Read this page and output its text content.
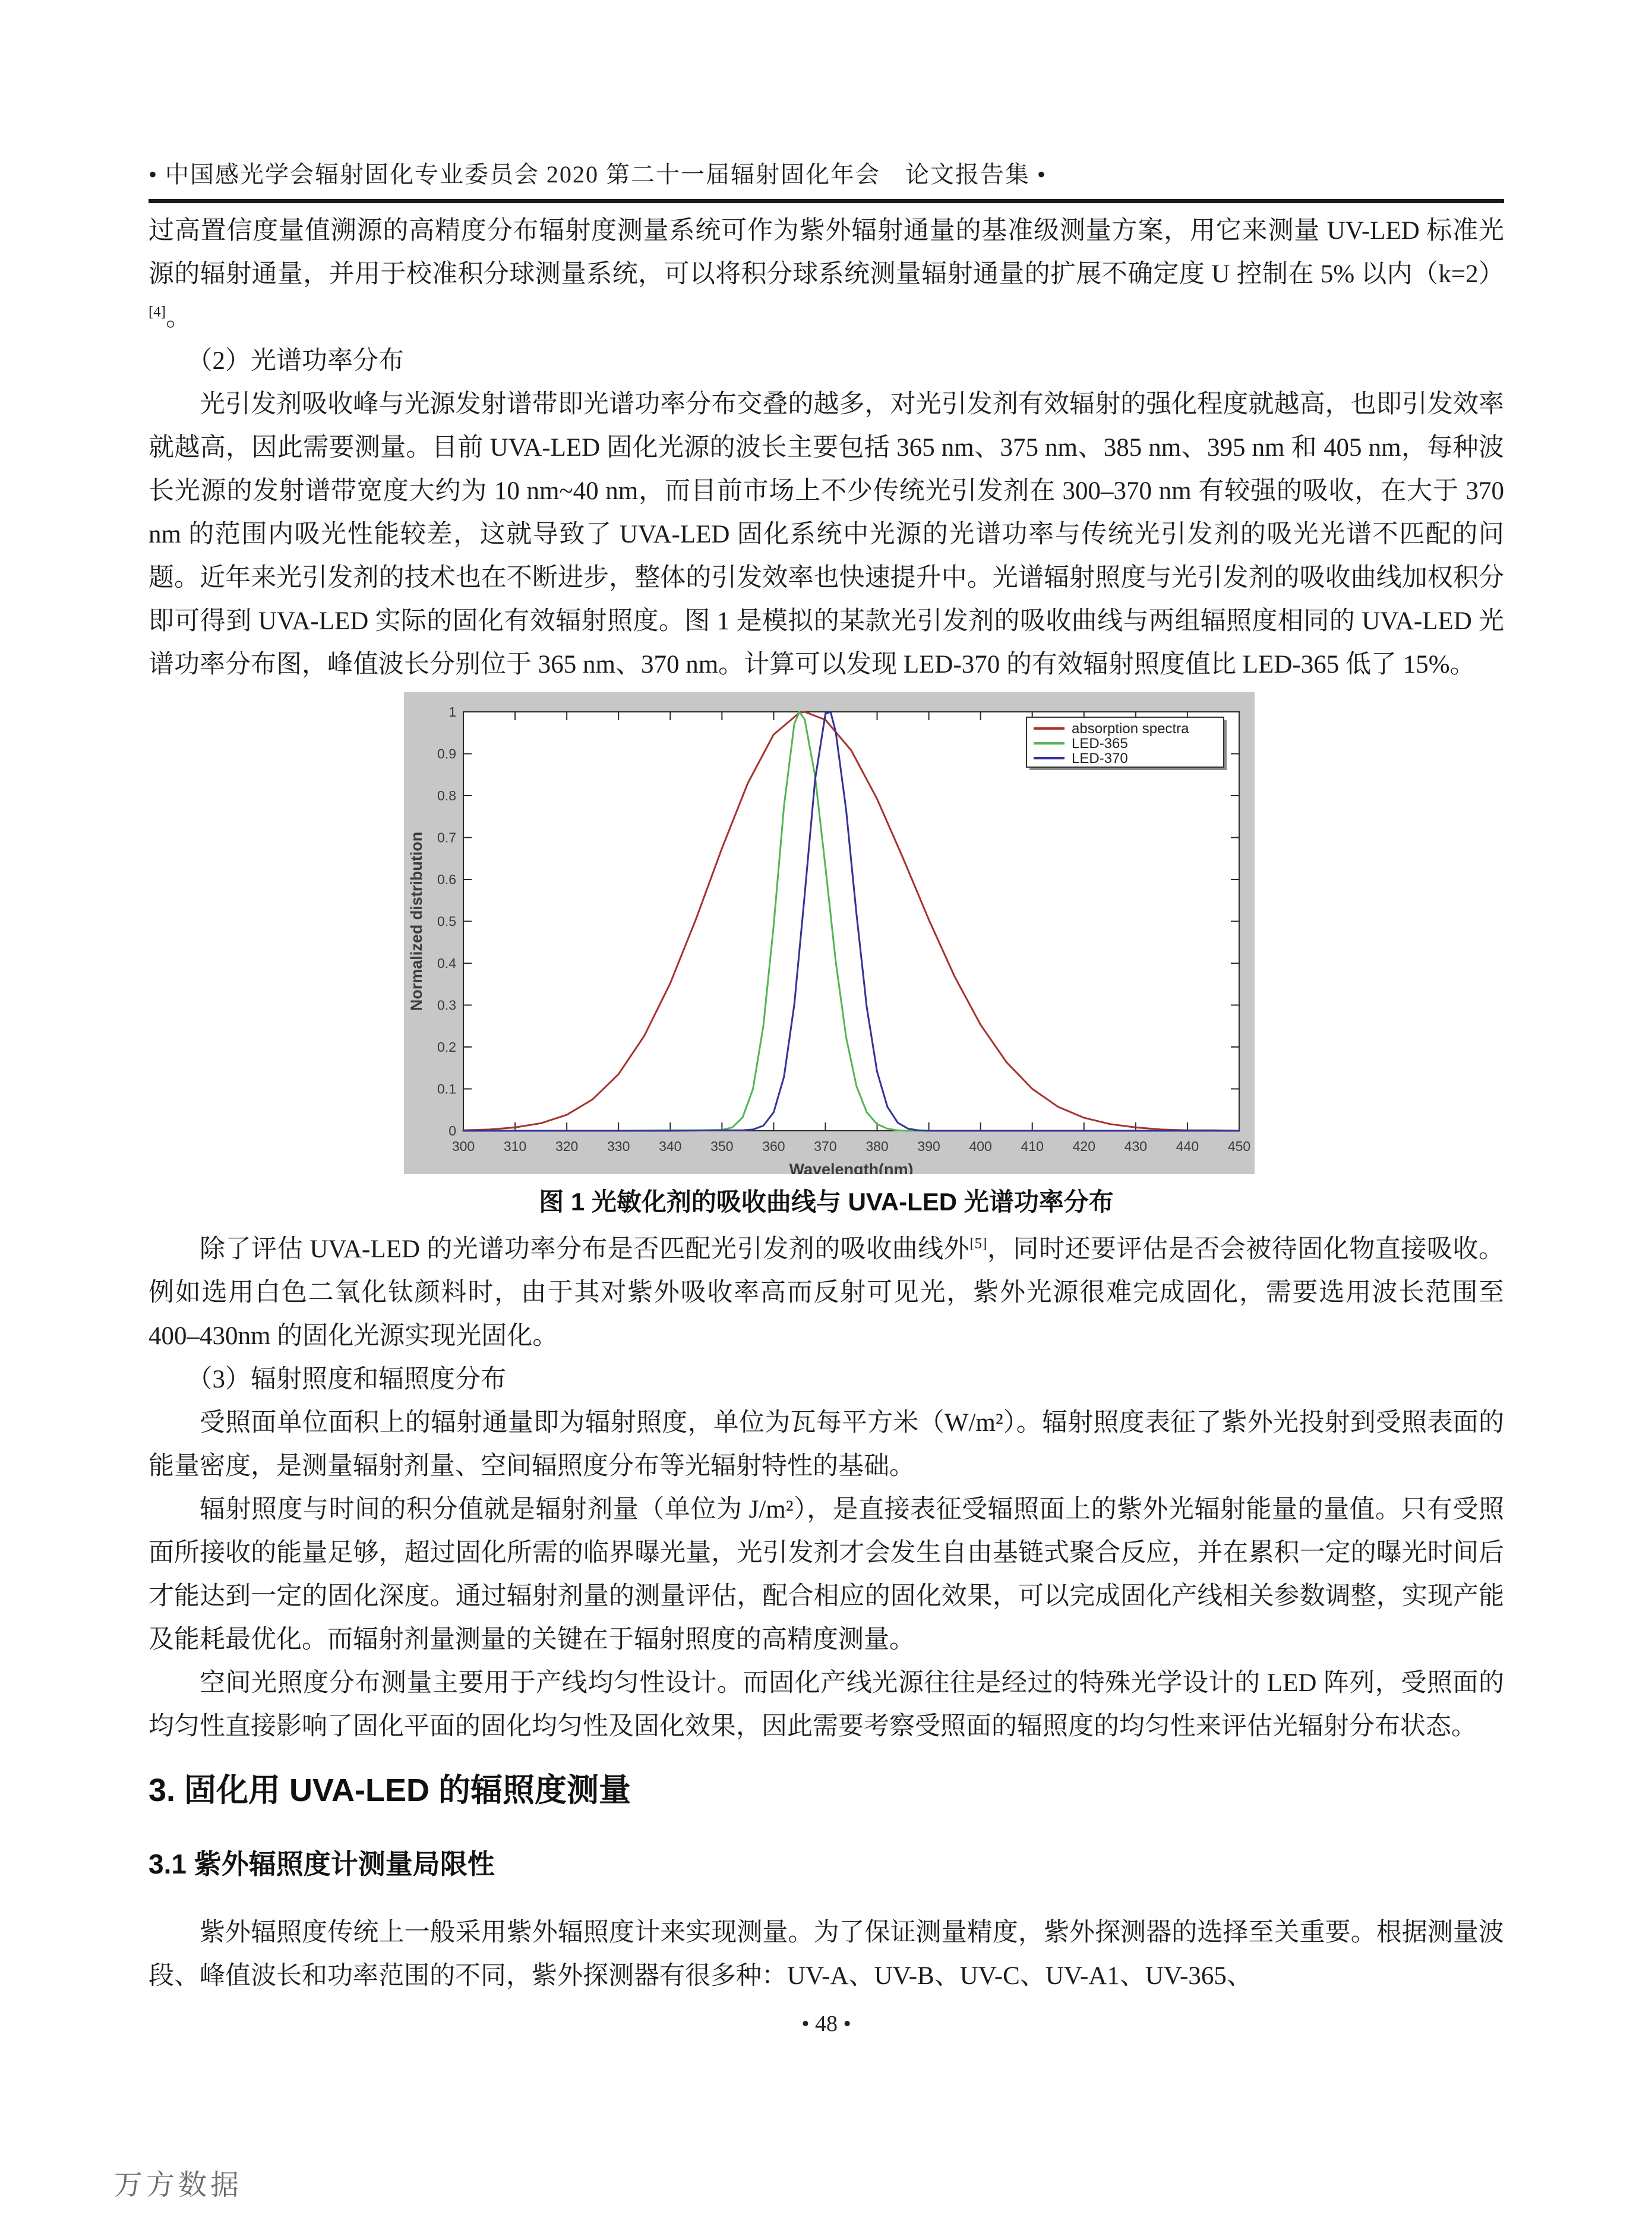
• 中国感光学会辐射固化专业委员会 2020 第二十一届辐射固化年会　论文报告集 •

过高置信度量值溯源的高精度分布辐射度测量系统可作为紫外辐射通量的基准级测量方案，用它来测量 UV-LED 标准光源的辐射通量，并用于校准积分球测量系统，可以将积分球系统测量辐射通量的扩展不确定度 U 控制在 5% 以内（k=2）[4]。

（2）光谱功率分布

光引发剂吸收峰与光源发射谱带即光谱功率分布交叠的越多，对光引发剂有效辐射的强化程度就越高，也即引发效率就越高，因此需要测量。目前 UVA-LED 固化光源的波长主要包括 365 nm、375 nm、385 nm、395 nm 和 405 nm，每种波长光源的发射谱带宽度大约为 10 nm~40 nm，而目前市场上不少传统光引发剂在 300–370 nm 有较强的吸收，在大于 370 nm 的范围内吸光性能较差，这就导致了 UVA-LED 固化系统中光源的光谱功率与传统光引发剂的吸光光谱不匹配的问题。近年来光引发剂的技术也在不断进步，整体的引发效率也快速提升中。光谱辐射照度与光引发剂的吸收曲线加权积分即可得到 UVA-LED 实际的固化有效辐射照度。图 1 是模拟的某款光引发剂的吸收曲线与两组辐照度相同的 UVA-LED 光谱功率分布图，峰值波长分别位于 365 nm、370 nm。计算可以发现 LED-370 的有效辐射照度值比 LED-365 低了 15%。

300 310 320 330 340 350 360 370 380 390 400 410 420 430 440 450
0
0.1
0.2
0.3
0.4
0.5
0.6
0.7
0.8
0.9
1
Wavelength(nm)
Normalized distribution
absorption spectra
LED-365
LED-370
图 1 光敏化剂的吸收曲线与 UVA-LED 光谱功率分布

除了评估 UVA-LED 的光谱功率分布是否匹配光引发剂的吸收曲线外[5]，同时还要评估是否会被待固化物直接吸收。例如选用白色二氧化钛颜料时，由于其对紫外吸收率高而反射可见光，紫外光源很难完成固化，需要选用波长范围至 400–430nm 的固化光源实现光固化。

（3）辐射照度和辐照度分布

受照面单位面积上的辐射通量即为辐射照度，单位为瓦每平方米（W/m²）。辐射照度表征了紫外光投射到受照表面的能量密度，是测量辐射剂量、空间辐照度分布等光辐射特性的基础。

辐射照度与时间的积分值就是辐射剂量（单位为 J/m²），是直接表征受辐照面上的紫外光辐射能量的量值。只有受照面所接收的能量足够，超过固化所需的临界曝光量，光引发剂才会发生自由基链式聚合反应，并在累积一定的曝光时间后才能达到一定的固化深度。通过辐射剂量的测量评估，配合相应的固化效果，可以完成固化产线相关参数调整，实现产能及能耗最优化。而辐射剂量测量的关键在于辐射照度的高精度测量。

空间光照度分布测量主要用于产线均匀性设计。而固化产线光源往往是经过的特殊光学设计的 LED 阵列，受照面的均匀性直接影响了固化平面的固化均匀性及固化效果，因此需要考察受照面的辐照度的均匀性来评估光辐射分布状态。

3. 固化用 UVA-LED 的辐照度测量
3.1 紫外辐照度计测量局限性

紫外辐照度传统上一般采用紫外辐照度计来实现测量。为了保证测量精度，紫外探测器的选择至关重要。根据测量波段、峰值波长和功率范围的不同，紫外探测器有很多种：UV-A、UV-B、UV-C、UV-A1、UV-365、

• 48 •
万方数据
